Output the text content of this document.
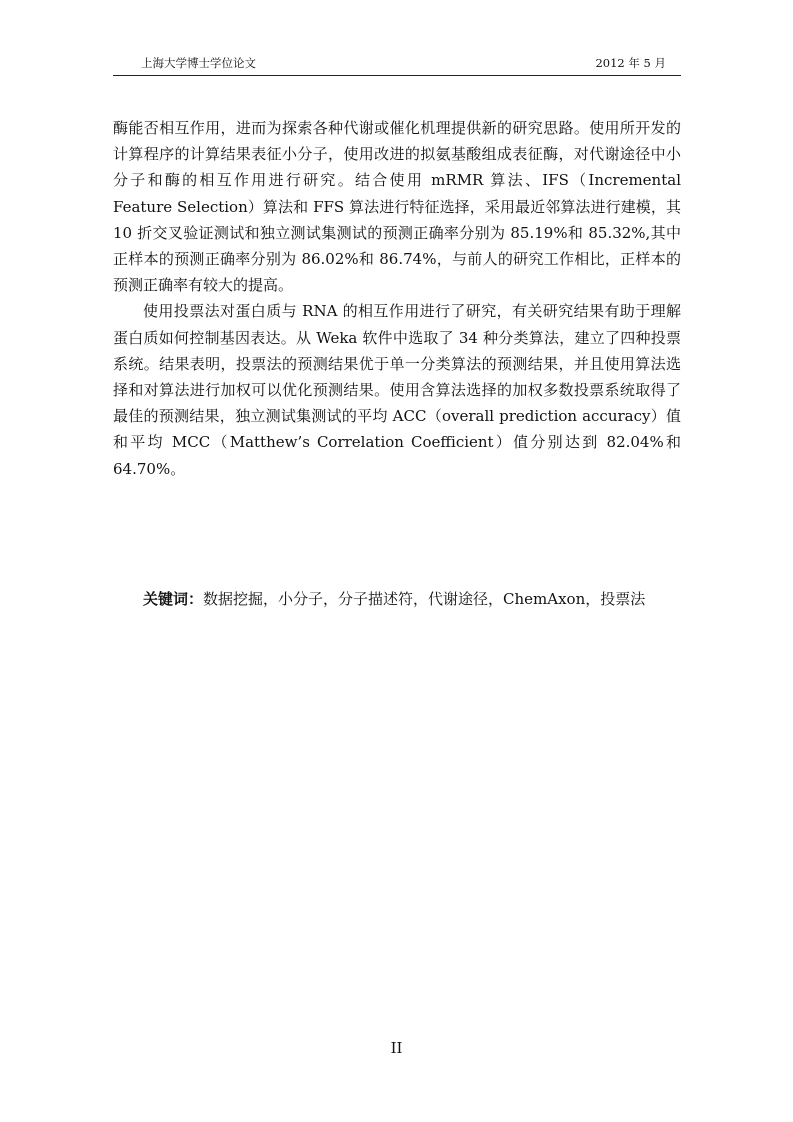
上海大学博士学位论文	2012 年 5 月

酶能否相互作用，进而为探索各种代谢或催化机理提供新的研究思路。使用所开发的计算程序的计算结果表征小分子，使用改进的拟氨基酸组成表征酶，对代谢途径中小分子和酶的相互作用进行研究。结合使用 mRMR 算法、IFS（Incremental Feature Selection）算法和 FFS 算法进行特征选择，采用最近邻算法进行建模，其 10 折交叉验证测试和独立测试集测试的预测正确率分别为 85.19%和 85.32%,其中正样本的预测正确率分别为 86.02%和 86.74%，与前人的研究工作相比，正样本的预测正确率有较大的提高。

使用投票法对蛋白质与 RNA 的相互作用进行了研究，有关研究结果有助于理解蛋白质如何控制基因表达。从 Weka 软件中选取了 34 种分类算法，建立了四种投票系统。结果表明，投票法的预测结果优于单一分类算法的预测结果，并且使用算法选择和对算法进行加权可以优化预测结果。使用含算法选择的加权多数投票系统取得了最佳的预测结果，独立测试集测试的平均 ACC（overall prediction accuracy）值和平均 MCC（Matthew’s Correlation Coefficient）值分别达到 82.04%和 64.70%。

关键词：数据挖掘，小分子，分子描述符，代谢途径，ChemAxon，投票法
II
